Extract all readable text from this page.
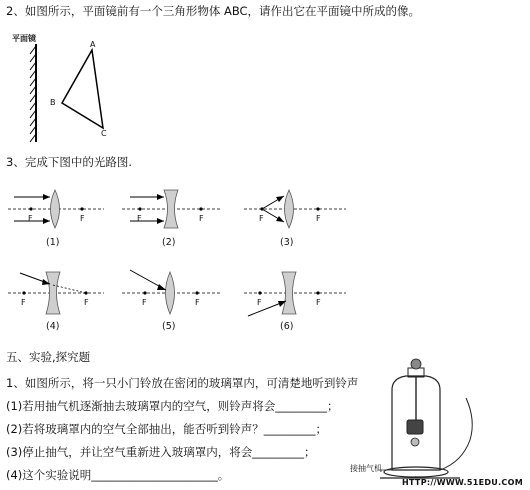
2、如图所示，平面镜前有一个三角形物体 ABC，请作出它在平面镜中所成的像。
平面镜
A
B
C
3、完成下图中的光路图.
F	F	F	F	F	F
F	F	F	F	F	F
(1)	(2)	(3)
(4)	(5)	(6)
五、实验,探究题
1、如图所示，将一只小门铃放在密闭的玻璃罩内，可清楚地听到铃声
(1)若用抽气机逐渐抽去玻璃罩内的空气，则铃声将会_________；
(2)若将玻璃罩内的空气全部抽出，能否听到铃声？_________；
(3)停止抽气，并让空气重新进入玻璃罩内，将会_________；
(4)这个实验说明______________________。	接抽气机
HTTP://WWW.51EDU.COM
